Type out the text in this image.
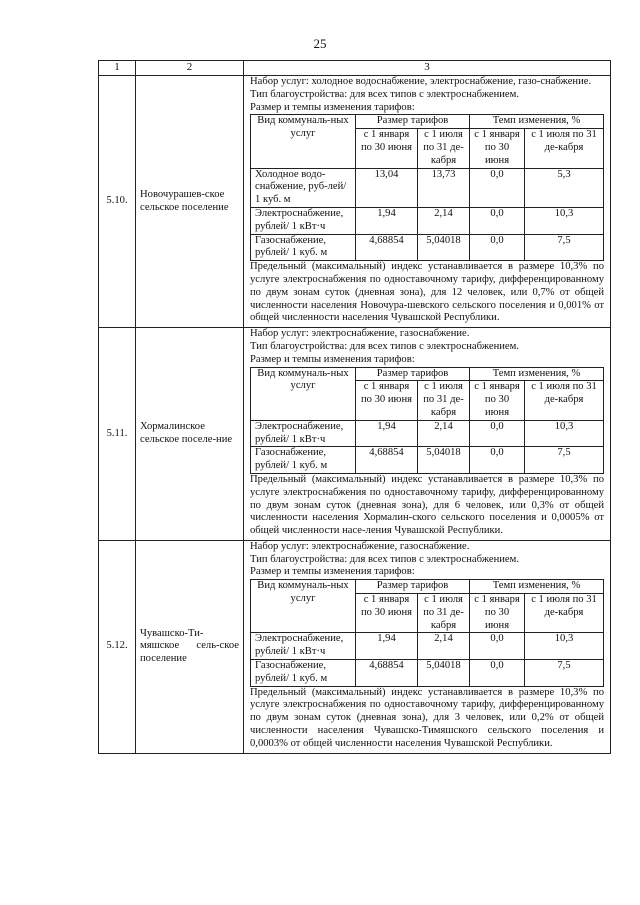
25
1	2	3
5.10.	Новочурашев-ское сельское поселение	
Набор услуг: холодное водоснабжение, электроснабжение, газо-снабжение.
Тип благоустройства: для всех типов с электроснабжением.
Размер и темпы изменения тарифов:
Вид коммуналь-ных услуг	Размер тарифов	Темп изменения, %
с 1 января по 30 июня	с 1 июля по 31 де-кабря	с 1 января по 30 июня	с 1 июля по 31 де-кабря
Холодное водо-снабжение, руб-лей/ 1 куб. м	13,04	13,73	0,0	5,3
Электроснабжение, рублей/ 1 кВт·ч	1,94	2,14	0,0	10,3
Газоснабжение, рублей/ 1 куб. м	4,68854	5,04018	0,0	7,5
Предельный (максимальный) индекс устанавливается в размере 10,3% по услуге электроснабжения по одноставочному тарифу, дифференцированному по двум зонам суток (дневная зона), для 12 человек, или 0,7% от общей численности населения Новочура-шевского сельского поселения и 0,001% от общей численности населения Чувашской Республики.

5.11.	Хормалинское сельское поселе-ние	
Набор услуг: электроснабжение, газоснабжение.
Тип благоустройства: для всех типов с электроснабжением.
Размер и темпы изменения тарифов:
Вид коммуналь-ных услуг	Размер тарифов	Темп изменения, %
с 1 января по 30 июня	с 1 июля по 31 де-кабря	с 1 января по 30 июня	с 1 июля по 31 де-кабря
Электроснабжение, рублей/ 1 кВт·ч	1,94	2,14	0,0	10,3
Газоснабжение, рублей/ 1 куб. м	4,68854	5,04018	0,0	7,5
Предельный (максимальный) индекс устанавливается в размере 10,3% по услуге электроснабжения по одноставочному тарифу, дифференцированному по двум зонам суток (дневная зона), для 6 человек, или 0,3% от общей численности населения Хормалин-ского сельского поселения и 0,0005% от общей численности насе-ления Чувашской Республики.

5.12.	Чувашско-Ти-мяшское сель-ское поселение	
Набор услуг: электроснабжение, газоснабжение.
Тип благоустройства: для всех типов с электроснабжением.
Размер и темпы изменения тарифов:
Вид коммуналь-ных услуг	Размер тарифов	Темп изменения, %
с 1 января по 30 июня	с 1 июля по 31 де-кабря	с 1 января по 30 июня	с 1 июля по 31 де-кабря
Электроснабжение, рублей/ 1 кВт·ч	1,94	2,14	0,0	10,3
Газоснабжение, рублей/ 1 куб. м	4,68854	5,04018	0,0	7,5
Предельный (максимальный) индекс устанавливается в размере 10,3% по услуге электроснабжения по одноставочному тарифу, дифференцированному по двум зонам суток (дневная зона), для 3 человек, или 0,2% от общей численности населения Чувашско-Тимяшского сельского поселения и 0,0003% от общей численности населения Чувашской Республики.
